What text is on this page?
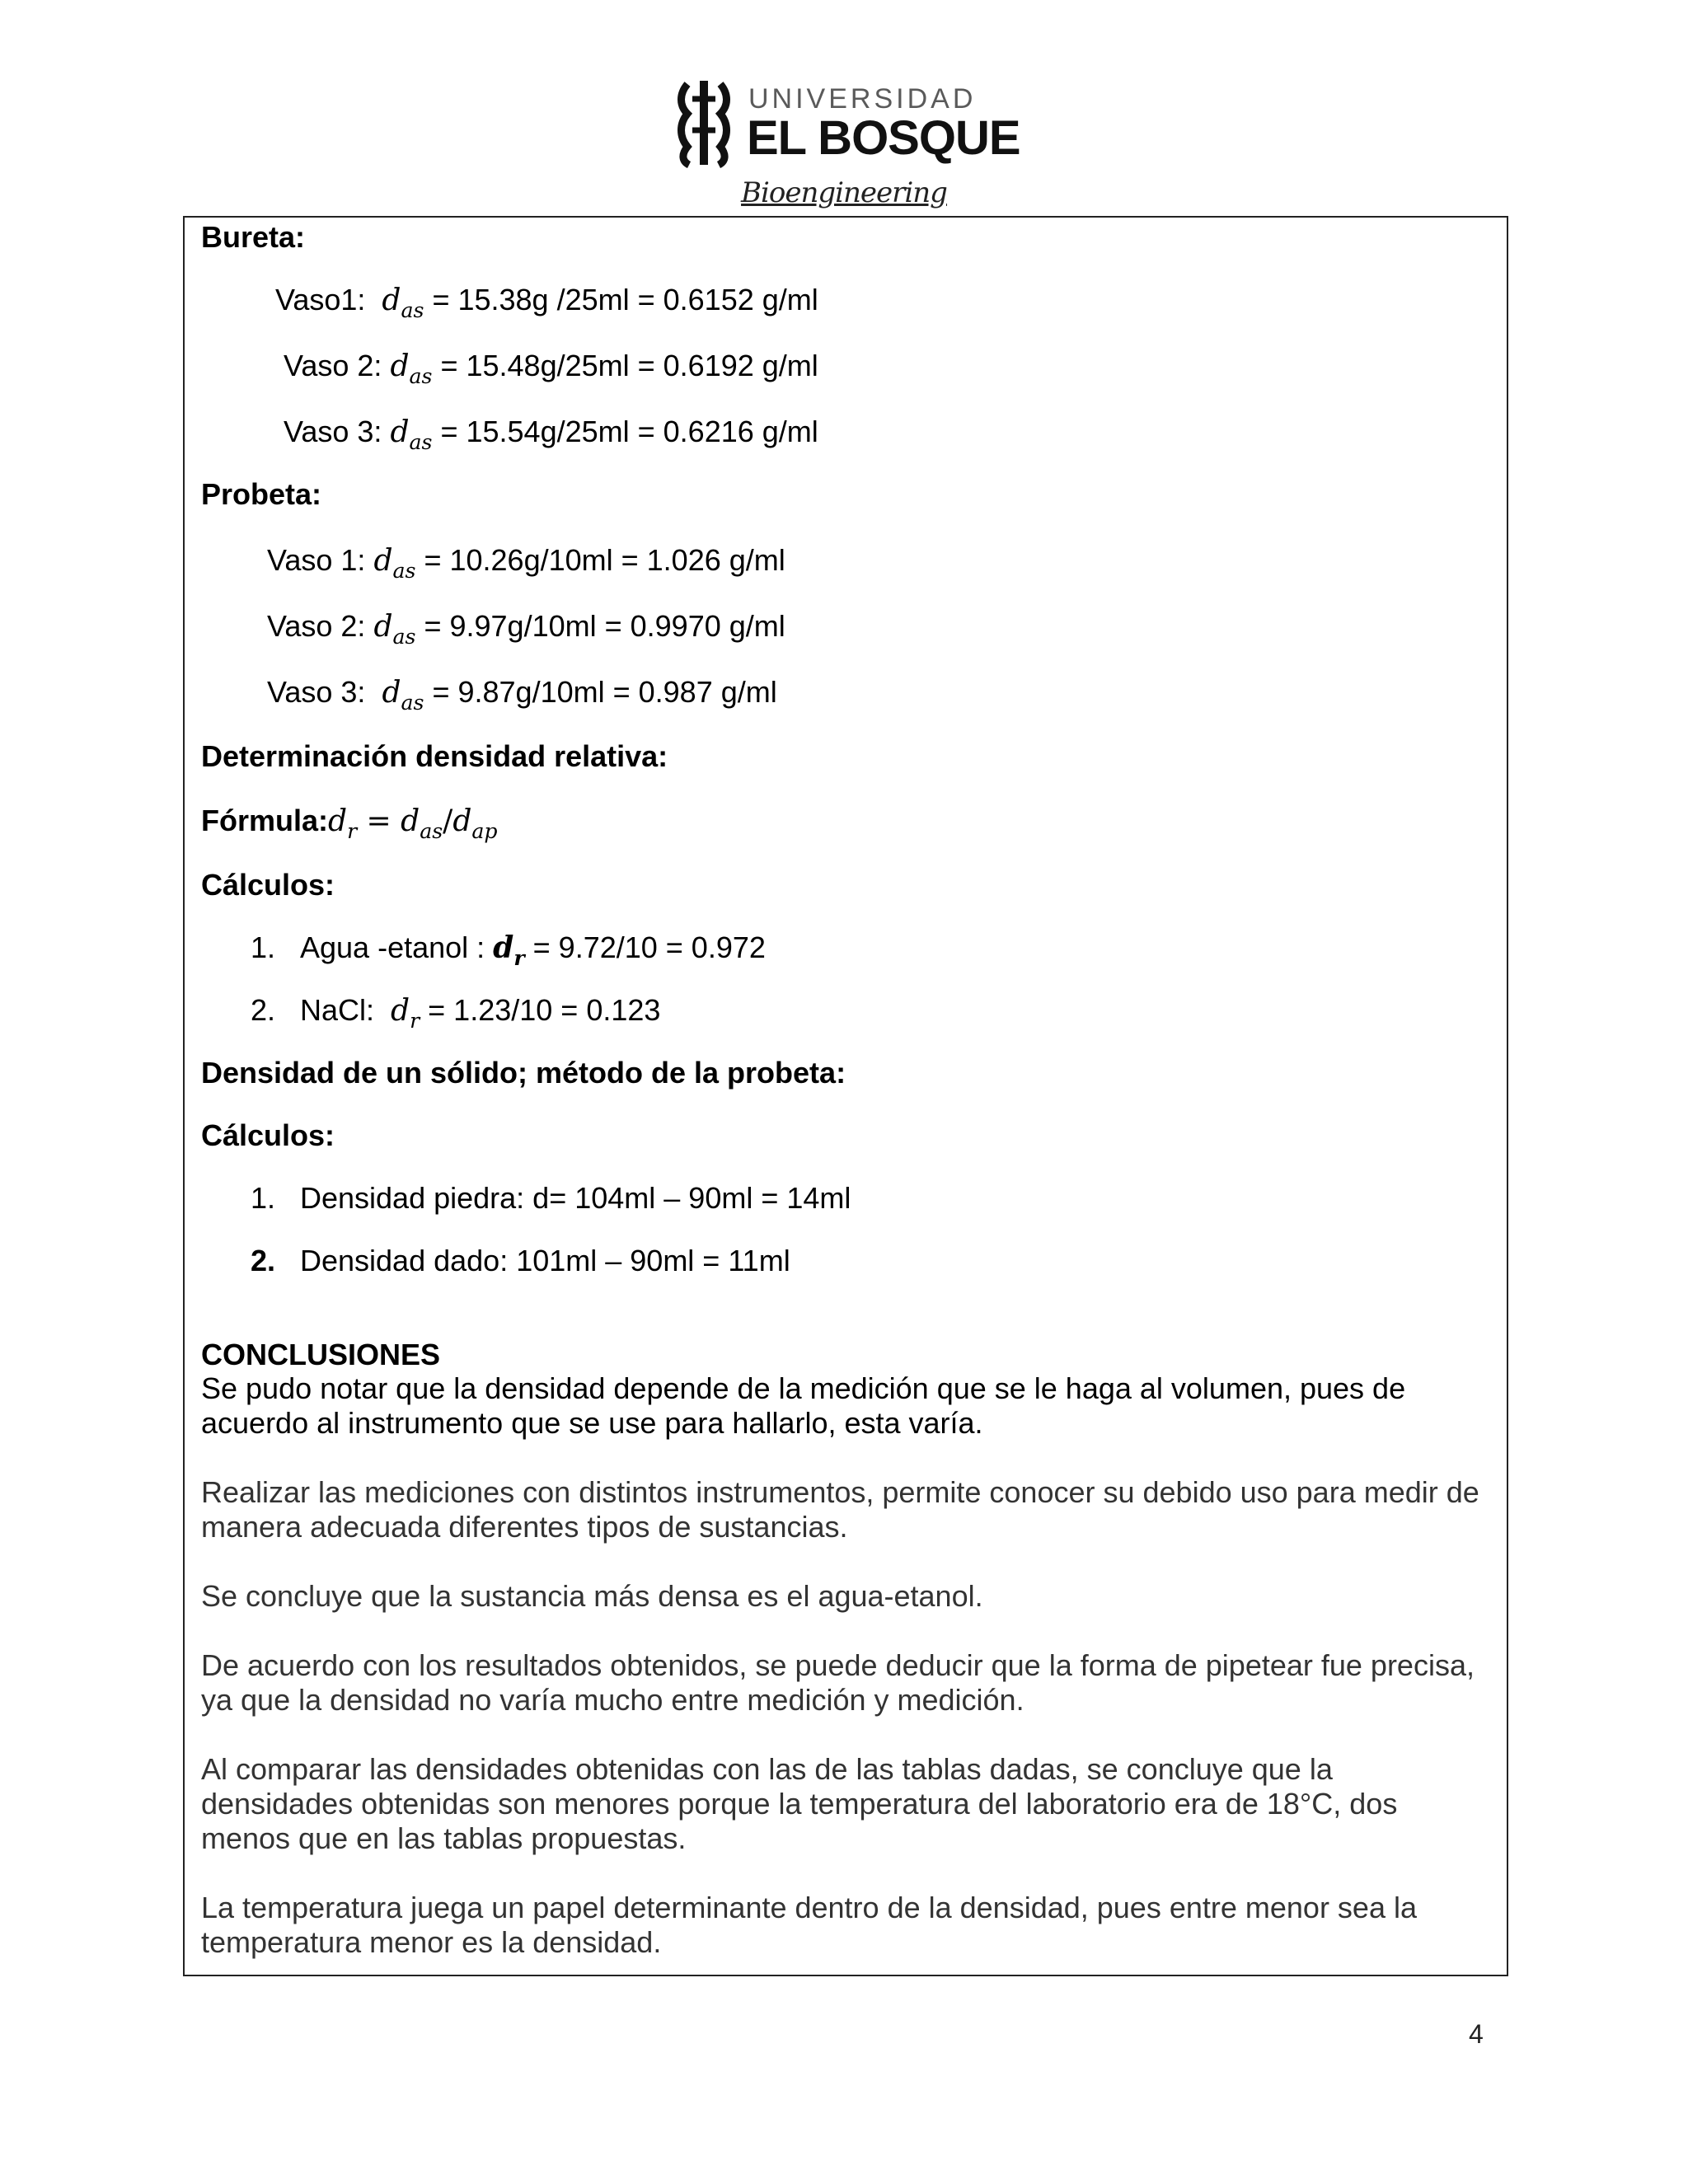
UNIVERSIDAD
EL BOSQUE
Bioengineering
Bureta:
Vaso1: $d_{as} = 15.38g$ /25ml = 0.6152 g/ml
Vaso 2: $d_{as} = 15.48g/25ml = 0.6192$ g/ml
Vaso 3: $d_{as} = 15.54g/25ml = 0.6216$ g/ml
Probeta:
Vaso 1: $d_{as} = 10.26g/10ml = 1.026$ g/ml
Vaso 2: $d_{as} = 9.97g/10ml = 0.9970$ g/ml
Vaso 3: $d_{as} = 9.87g/10ml = 0.987$ g/ml
Determinación densidad relativa:
$Fórmula:d_r = d_{as}/d_{ap}$
Cálculos:
1. Agua -etanol : $d_r = 9.72/10 = 0.972$
2. NaCl: $d_r = 1.23/10 = 0.123$
Densidad de un sólido; método de la probeta:
Cálculos:
1. Densidad piedra: d= 104ml – 90ml = 14ml
2. Densidad dado: 101ml – 90ml = 11ml
CONCLUSIONES
Se pudo notar que la densidad depende de la medición que se le haga al volumen, pues de acuerdo al instrumento que se use para hallarlo, esta varía.
Realizar las mediciones con distintos instrumentos, permite conocer su debido uso para medir de manera adecuada diferentes tipos de sustancias.
Se concluye que la sustancia más densa es el agua-etanol.
De acuerdo con los resultados obtenidos, se puede deducir que la forma de pipetear fue precisa, ya que la densidad no varía mucho entre medición y medición.
Al comparar las densidades obtenidas con las de las tablas dadas, se concluye que la densidades obtenidas son menores porque la temperatura del laboratorio era de 18°C, dos menos que en las tablas propuestas.
La temperatura juega un papel determinante dentro de la densidad, pues entre menor sea la temperatura menor es la densidad.
4
